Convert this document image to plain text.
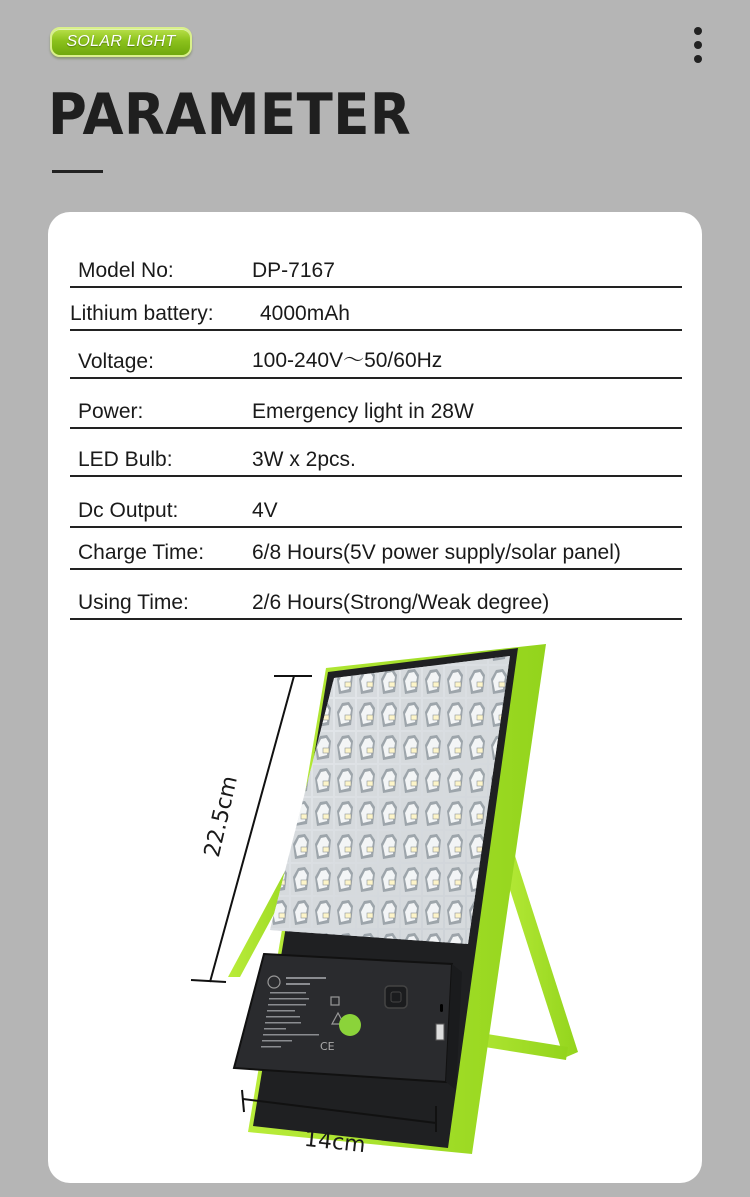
SOLAR LIGHT
PARAMETER
Model No:	DP-7167
Lithium battery:	4000mAh
Voltage:	100-240V～50/60Hz
Power:	Emergency light in 28W
LED Bulb:	3W x 2pcs.
Dc Output:	4V
Charge Time:	6/8 Hours(5V power supply/solar panel)
Using Time:	2/6 Hours(Strong/Weak degree)
CE
22.5cm
14cm
